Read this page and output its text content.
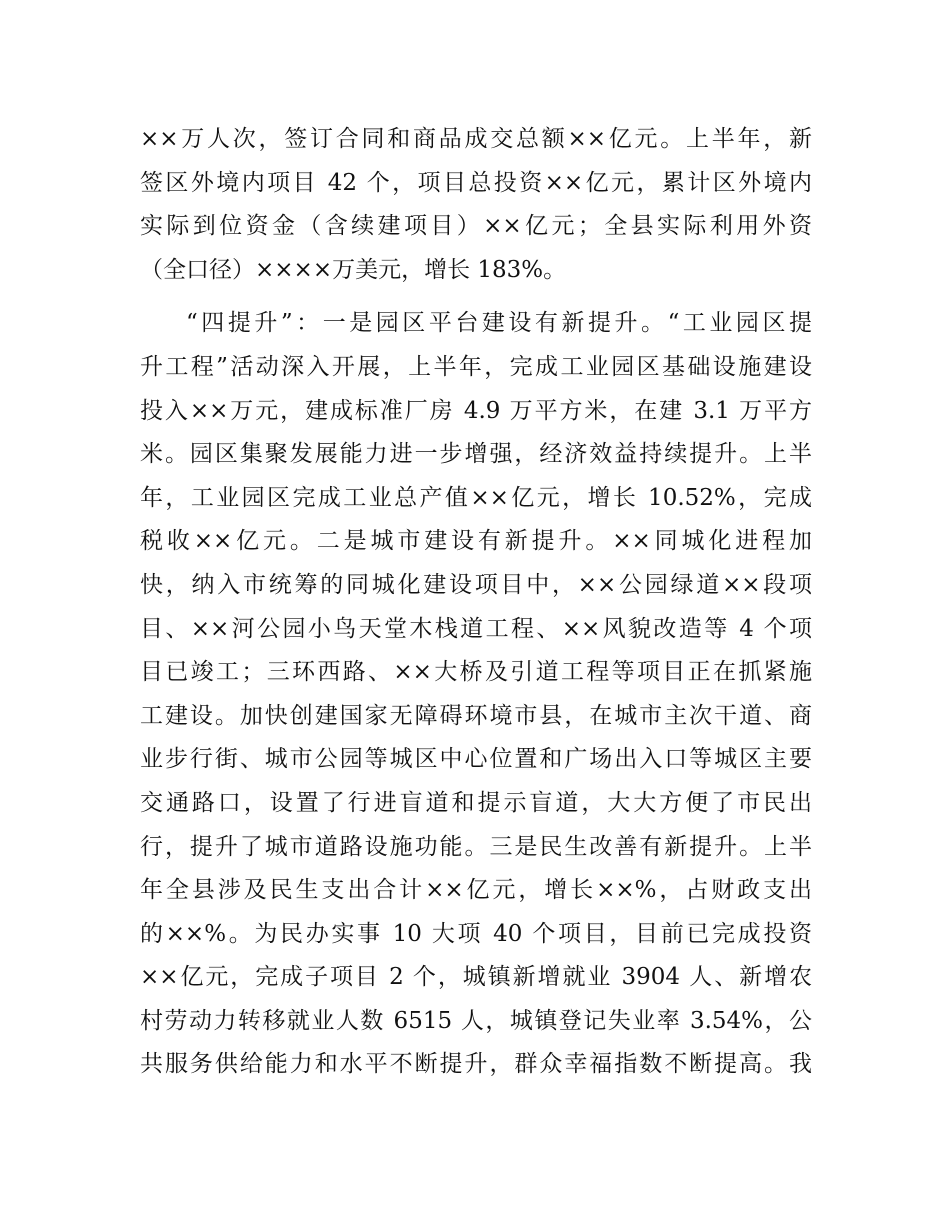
××万人次，签订合同和商品成交总额××亿元。上半年，新
签区外境内项目 42 个，项目总投资××亿元，累计区外境内
实际到位资金（含续建项目）××亿元；全县实际利用外资
（全口径）××××万美元，增长 183%。
“四提升”：一是园区平台建设有新提升。“工业园区提
升工程”活动深入开展，上半年，完成工业园区基础设施建设
投入××万元，建成标准厂房 4.9 万平方米，在建 3.1 万平方
米。园区集聚发展能力进一步增强，经济效益持续提升。上半
年，工业园区完成工业总产值××亿元，增长 10.52%，完成
税收××亿元。二是城市建设有新提升。××同城化进程加
快，纳入市统筹的同城化建设项目中，××公园绿道××段项
目、××河公园小鸟天堂木栈道工程、××风貌改造等 4 个项
目已竣工；三环西路、××大桥及引道工程等项目正在抓紧施
工建设。加快创建国家无障碍环境市县，在城市主次干道、商
业步行街、城市公园等城区中心位置和广场出入口等城区主要
交通路口，设置了行进盲道和提示盲道，大大方便了市民出
行，提升了城市道路设施功能。三是民生改善有新提升。上半
年全县涉及民生支出合计××亿元，增长××%，占财政支出
的××%。为民办实事 10 大项 40 个项目，目前已完成投资
××亿元，完成子项目 2 个，城镇新增就业 3904 人、新增农
村劳动力转移就业人数 6515 人，城镇登记失业率 3.54%，公
共服务供给能力和水平不断提升，群众幸福指数不断提高。我
